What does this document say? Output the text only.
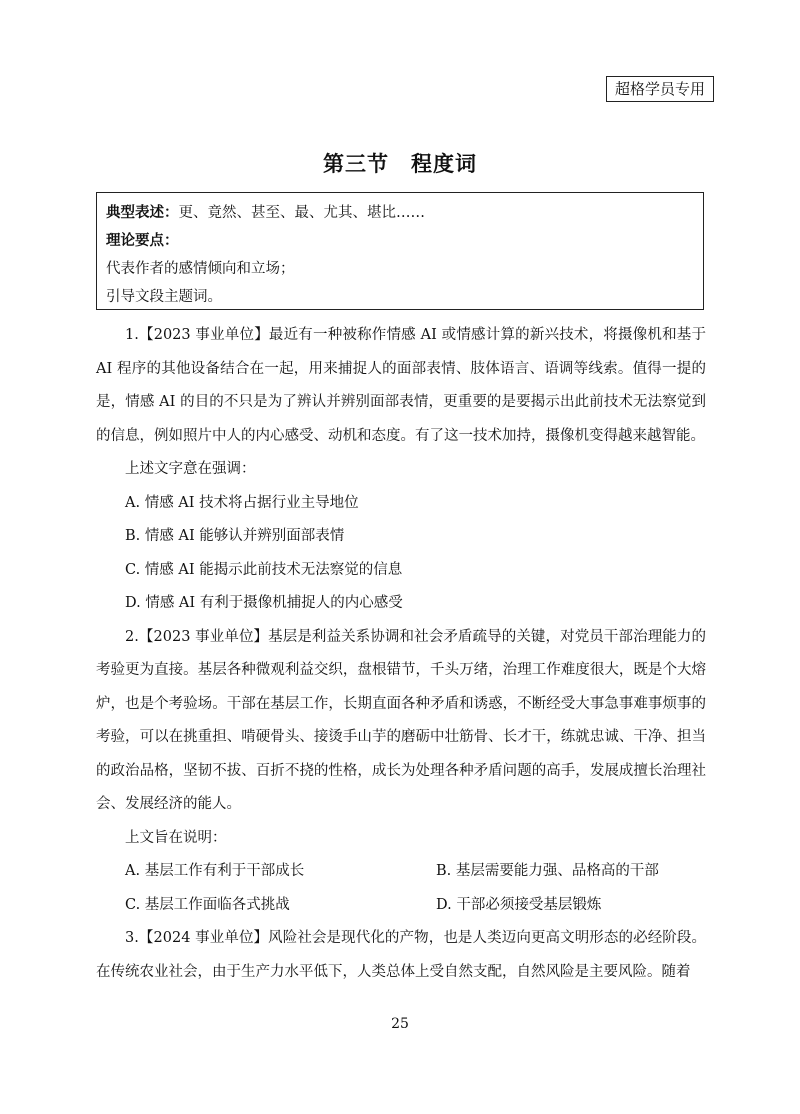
超格学员专用
第三节　程度词

典型表述：更、竟然、甚至、最、尤其、堪比……

理论要点：

代表作者的感情倾向和立场；

引导文段主题词。

1.【2023 事业单位】最近有一种被称作情感 AI 或情感计算的新兴技术，将摄像机和基于AI 程序的其他设备结合在一起，用来捕捉人的面部表情、肢体语言、语调等线索。值得一提的是，情感 AI 的目的不只是为了辨认并辨别面部表情，更重要的是要揭示出此前技术无法察觉到的信息，例如照片中人的内心感受、动机和态度。有了这一技术加持，摄像机变得越来越智能。

上述文字意在强调：

A. 情感 AI 技术将占据行业主导地位

B. 情感 AI 能够认并辨别面部表情

C. 情感 AI 能揭示此前技术无法察觉的信息

D. 情感 AI 有利于摄像机捕捉人的内心感受

2.【2023 事业单位】基层是利益关系协调和社会矛盾疏导的关键，对党员干部治理能力的考验更为直接。基层各种微观利益交织，盘根错节，千头万绪，治理工作难度很大，既是个大熔炉，也是个考验场。干部在基层工作，长期直面各种矛盾和诱惑，不断经受大事急事难事烦事的考验，可以在挑重担、啃硬骨头、接烫手山芋的磨砺中壮筋骨、长才干，练就忠诚、干净、担当的政治品格，坚韧不拔、百折不挠的性格，成长为处理各种矛盾问题的高手，发展成擅长治理社会、发展经济的能人。

上文旨在说明：

A. 基层工作有利于干部成长	B. 基层需要能力强、品格高的干部
C. 基层工作面临各式挑战	D. 干部必须接受基层锻炼

3.【2024 事业单位】风险社会是现代化的产物，也是人类迈向更高文明形态的必经阶段。在传统农业社会，由于生产力水平低下，人类总体上受自然支配，自然风险是主要风险。随着

25
